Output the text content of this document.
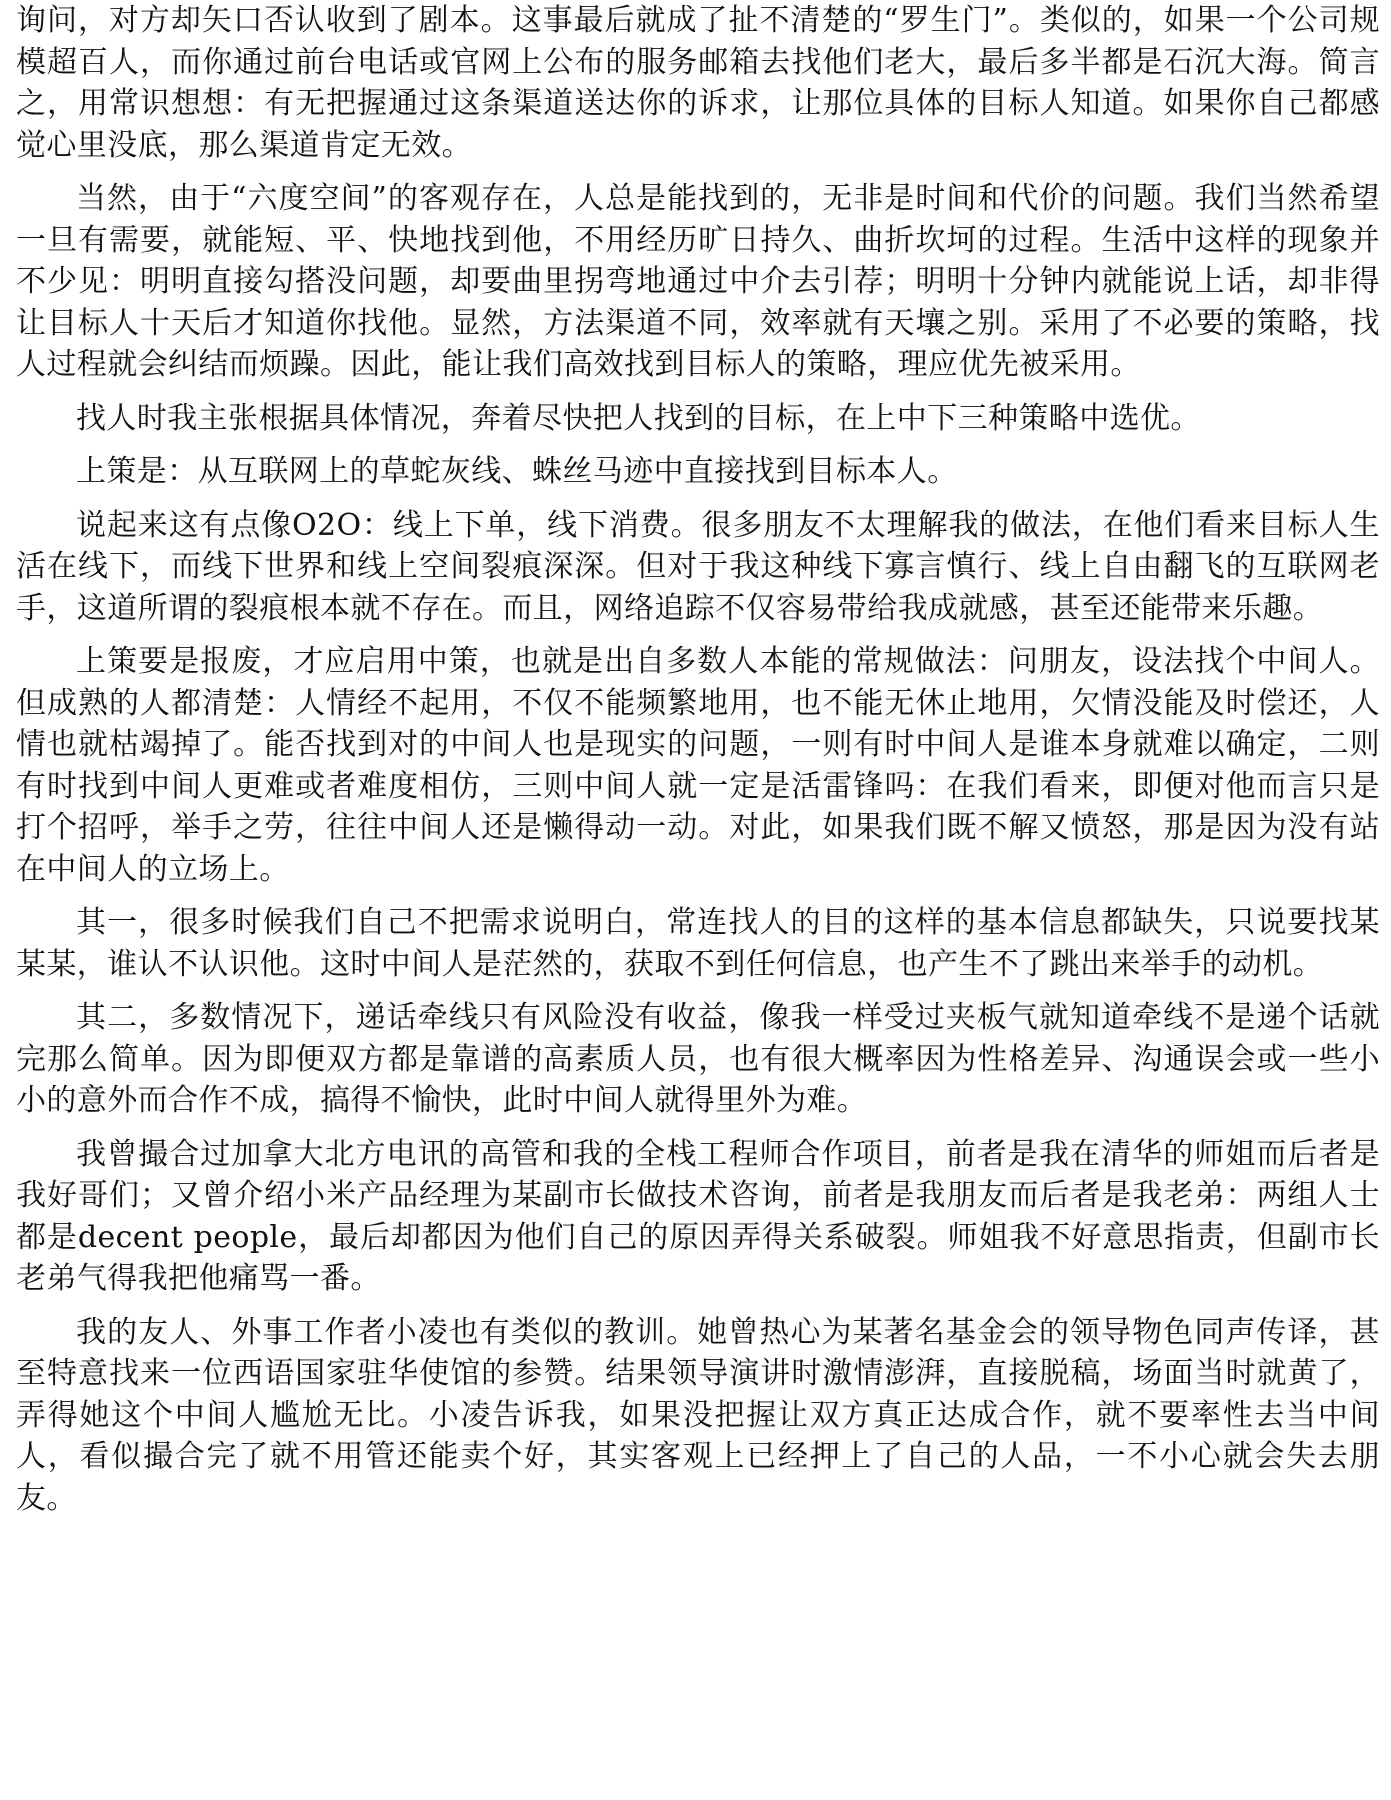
询问，对方却矢口否认收到了剧本。这事最后就成了扯不清楚的“罗生门”。类似的，如果一个公司规模超百人，而你通过前台电话或官网上公布的服务邮箱去找他们老大，最后多半都是石沉大海。简言之，用常识想想：有无把握通过这条渠道送达你的诉求，让那位具体的目标人知道。如果你自己都感觉心里没底，那么渠道肯定无效。

当然，由于“六度空间”的客观存在，人总是能找到的，无非是时间和代价的问题。我们当然希望一旦有需要，就能短、平、快地找到他，不用经历旷日持久、曲折坎坷的过程。生活中这样的现象并不少见：明明直接勾搭没问题，却要曲里拐弯地通过中介去引荐；明明十分钟内就能说上话，却非得让目标人十天后才知道你找他。显然，方法渠道不同，效率就有天壤之别。采用了不必要的策略，找人过程就会纠结而烦躁。因此，能让我们高效找到目标人的策略，理应优先被采用。

找人时我主张根据具体情况，奔着尽快把人找到的目标，在上中下三种策略中选优。

上策是：从互联网上的草蛇灰线、蛛丝马迹中直接找到目标本人。

说起来这有点像O2O：线上下单，线下消费。很多朋友不太理解我的做法，在他们看来目标人生活在线下，而线下世界和线上空间裂痕深深。但对于我这种线下寡言慎行、线上自由翻飞的互联网老手，这道所谓的裂痕根本就不存在。而且，网络追踪不仅容易带给我成就感，甚至还能带来乐趣。

上策要是报废，才应启用中策，也就是出自多数人本能的常规做法：问朋友，设法找个中间人。但成熟的人都清楚：人情经不起用，不仅不能频繁地用，也不能无休止地用，欠情没能及时偿还，人情也就枯竭掉了。能否找到对的中间人也是现实的问题，一则有时中间人是谁本身就难以确定，二则有时找到中间人更难或者难度相仿，三则中间人就一定是活雷锋吗：在我们看来，即便对他而言只是打个招呼，举手之劳，往往中间人还是懒得动一动。对此，如果我们既不解又愤怒，那是因为没有站在中间人的立场上。

其一，很多时候我们自己不把需求说明白，常连找人的目的这样的基本信息都缺失，只说要找某某某，谁认不认识他。这时中间人是茫然的，获取不到任何信息，也产生不了跳出来举手的动机。

其二，多数情况下，递话牵线只有风险没有收益，像我一样受过夹板气就知道牵线不是递个话就完那么简单。因为即便双方都是靠谱的高素质人员，也有很大概率因为性格差异、沟通误会或一些小小的意外而合作不成，搞得不愉快，此时中间人就得里外为难。

我曾撮合过加拿大北方电讯的高管和我的全栈工程师合作项目，前者是我在清华的师姐而后者是我好哥们；又曾介绍小米产品经理为某副市长做技术咨询，前者是我朋友而后者是我老弟：两组人士都是decent people，最后却都因为他们自己的原因弄得关系破裂。师姐我不好意思指责，但副市长老弟气得我把他痛骂一番。

我的友人、外事工作者小凌也有类似的教训。她曾热心为某著名基金会的领导物色同声传译，甚至特意找来一位西语国家驻华使馆的参赞。结果领导演讲时激情澎湃，直接脱稿，场面当时就黄了，弄得她这个中间人尴尬无比。小凌告诉我，如果没把握让双方真正达成合作，就不要率性去当中间人，看似撮合完了就不用管还能卖个好，其实客观上已经押上了自己的人品，一不小心就会失去朋友。
